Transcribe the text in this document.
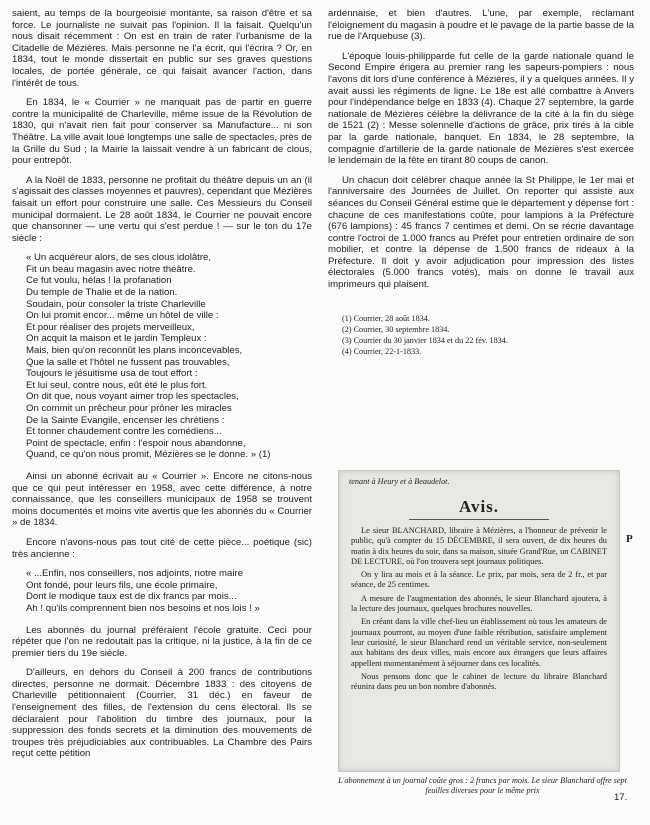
saient, au temps de la bourgeoisie montante, sa raison d'être et sa force. Le journaliste ne suivait pas l'opinion. Il la faisait. Quelqu'un nous disait récemment : On est en train de rater l'urbanisme de la Citadelle de Mézières. Mais personne ne l'a écrit, qui l'écrira ? Or, en 1834, tout le monde dissertait en public sur ses graves questions locales, de portée générale, ce qui faisait avancer l'action, dans l'intérêt de tous.

En 1834, le « Courrier » ne manquait pas de partir en guerre contre la municipalité de Charleville, même issue de la Révolution de 1830, qui n'avait rien fait pour conserver sa Manufacture... ni son Théâtre. La ville avait loué longtemps une salle de spectacles, près de la Grille du Sud ; la Mairie la laissait vendre à un fabricant de clous, pour entrepôt.

A la Noël de 1833, personne ne profitait du théâtre depuis un an (il s'agissait des classes moyennes et pauvres), cependant que Mézières faisait un effort pour construire une salle. Ces Messieurs du Conseil municipal dormaient. Le 28 août 1834, le Courrier ne pouvait encore que chansonner — une vertu qui s'est perdue ! — sur le ton du 17e siècle :

« Un acquéreur alors, de ses clous idolâtre,
Fit un beau magasin avec notre théâtre.
Ce fut voulu, hélas ! la profanation
Du temple de Thalie et de la nation.
Soudain, pour consoler la triste Charleville
On lui promit encor... même un hôtel de ville :
Et pour réaliser des projets merveilleux,
On acquit la maison et le jardin Templeux :
Mais, bien qu'on reconnût les plans inconcevables,
Que la salle et l'hôtel ne fussent pas trouvables,
Toujours le jésuitisme usa de tout effort :
Et lui seul, contre nous, eût été le plus fort.
On dit que, nous voyant aimer trop les spectacles,
On commit un prêcheur pour prôner les miracles
De la Sainte Evangile, encenser les chrétiens :
Et tonner chaudement contre les comédiens...
Point de spectacle, enfin : l'espoir nous abandonne,
Quand, ce qu'on nous promit, Mézières se le donne. » (1)

Ainsi un abonné écrivait au « Courrier ». Encore ne citons-nous que ce qui peut intéresser en 1958, avec cette différence, à notre connaissance, que les conseillers municipaux de 1958 se trouvent moins documentés et moins vite avertis que les abonnés du « Courrier » de 1834.

Encore n'avons-nous pas tout cité de cette pièce... poétique (sic) très ancienne :

« ...Enfin, nos conseillers, nos adjoints, notre maire
Ont fondé, pour leurs fils, une école primaire,
Dont le modique taux est de dix francs par mois...
Ah ! qu'ils comprennent bien nos besoins et nos lois ! »

Les abonnés du journal préféraient l'école gratuite. Ceci pour répéter que l'on ne redoutait pas la critique, ni la justice, à la fin de ce premier tiers du 19e siècle.

D'ailleurs, en dehors du Conseil à 200 francs de contributions directes, personne ne dormait. Décembre 1833 : des citoyens de Charleville pétitionnaient (Courrier, 31 déc.) en faveur de l'enseignement des filles, de l'extension du cens électoral. Ils se déclaraient pour l'abolition du timbre des journaux, pour la suppression des fonds secrets et la diminution des mouvements de troupes très préjudiciables aux contribuables. La Chambre des Pairs reçut cette pétition

ardennaise, et bien d'autres. L'une, par exemple, réclamant l'éloignement du magasin à poudre et le pavage de la partie basse de la rue de l'Arquebuse (3).

L'époque louis-philipparde fut celle de la garde nationale quand le Second Empire érigera au premier rang les sapeurs-pompiers : nous l'avons dit lors d'une conférence à Mézières, il y a quelques années. Il y avait aussi les régiments de ligne. Le 18e est allé combattre à Anvers pour l'indépendance belge en 1833 (4). Chaque 27 septembre, la garde nationale de Mézières célèbre la délivrance de la cité à la fin du siège de 1521 (2) : Messe solennelle d'actions de grâce, prix tirés à la cible par la garde nationale, banquet. En 1834, le 28 septembre, la compagnie d'artillerie de la garde nationale de Mézières s'est exercée le lendemain de la fête en tirant 80 coups de canon.

Un chacun doit célébrer chaque année la St Philippe, le 1er mai et l'anniversaire des Journées de Juillet. On reporter qui assiste aux séances du Conseil Général estime que le département y dépense fort : chacune de ces manifestations coûte, pour lampions à la Préfecture (676 lampions) : 45 francs 7 centimes et demi. On se récrie davantage contre l'octroi de 1.000 francs au Préfet pour entretien ordinaire de son mobilier, et contre la dépense de 1.500 francs de rideaux à la Préfecture. Il doit y avoir adjudication pour impression des listes électorales (5.000 francs votés), mais on donne le travail aux imprimeurs qui plaisent.

(1) Courrier, 28 août 1834.
(2) Courrier, 30 septembre 1834.
(3) Courrier du 30 janvier 1834 et du 22 fév. 1834.
(4) Courrier, 22-1-1833.
tenant à Heury et à Beaudelot.
Avis.

Le sieur BLANCHARD, libraire à Mézières, a l'honneur de prévenir le public, qu'à compter du 15 DÉCEMBRE, il sera ouvert, de dix heures du matin à dix heures du soir, dans sa maison, située Grand'Rue, un CABINET DE LECTURE, où l'on trouvera sept journaux politiques.

On y lira au mois et à la séance. Le prix, par mois, sera de 2 fr., et par séance, de 25 centimes.

A mesure de l'augmentation des abonnés, le sieur Blanchard ajoutera, à la lecture des journaux, quelques brochures nouvelles.

En créant dans la ville chef-lieu un établissement où tous les amateurs de journaux pourront, au moyen d'une faible rétribution, satisfaire amplement leur curiosité, le sieur Blanchard rend un véritable service, non-seulement aux habitans des deux villes, mais encore aux étrangers que leurs affaires appellent momentanément à séjourner dans ces localités.

Nous pensons donc que le cabinet de lecture du libraire Blanchard réunira dans peu un bon nombre d'abonnés.

P
L'abonnement à un journal coûte gros : 2 francs par mois. Le sieur Blanchard offre sept feuilles diverses pour le même prix
17.
